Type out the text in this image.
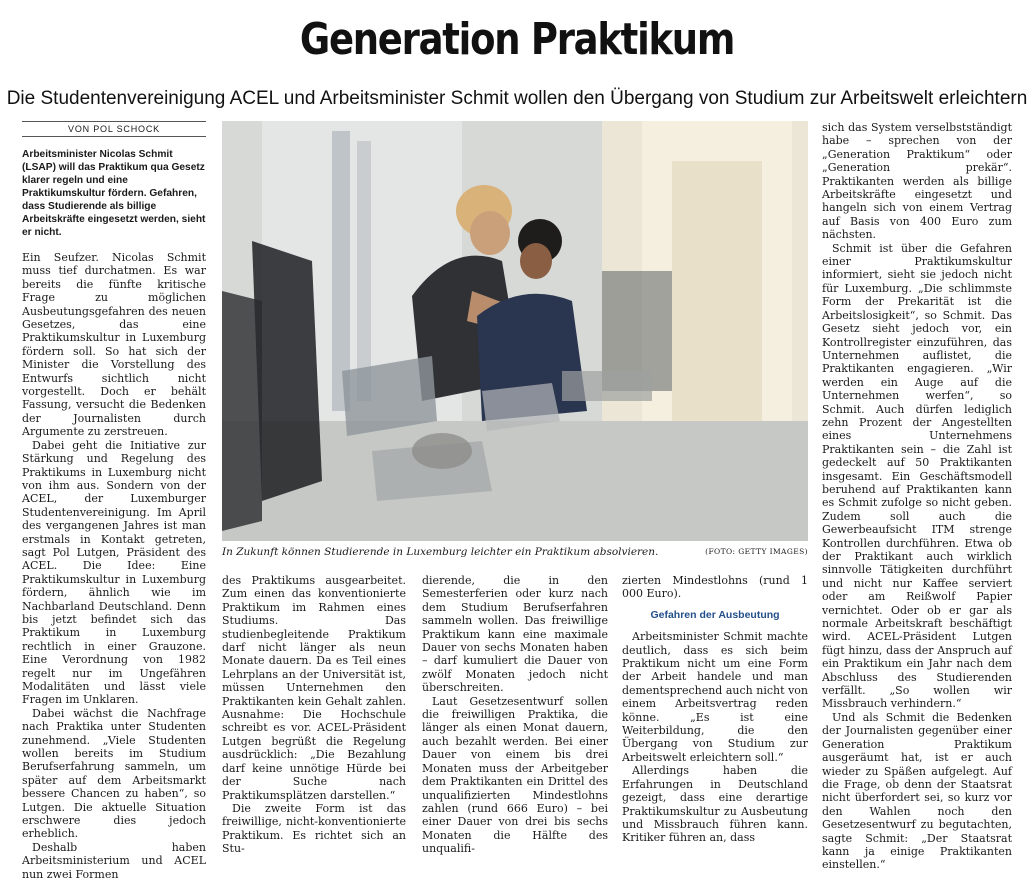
Generation Praktikum
Die Studentenvereinigung ACEL und Arbeitsminister Schmit wollen den Übergang von Studium zur Arbeitswelt erleichtern
VON POL SCHOCK

Arbeitsminister Nicolas Schmit (LSAP) will das Praktikum qua Gesetz klarer regeln und eine Praktikumskultur fördern. Gefahren, dass Studierende als billige Arbeitskräfte eingesetzt werden, sieht er nicht.

Ein Seufzer. Nicolas Schmit muss tief durchatmen. Es war bereits die fünfte kritische Frage zu möglichen Ausbeutungsgefahren des neuen Gesetzes, das eine Praktikumskultur in Luxemburg fördern soll. So hat sich der Minister die Vorstellung des Entwurfs sichtlich nicht vorgestellt. Doch er behält Fassung, versucht die Bedenken der Journalisten durch Argumente zu zerstreuen.

Dabei geht die Initiative zur Stärkung und Regelung des Praktikums in Luxemburg nicht von ihm aus. Sondern von der ACEL, der Luxemburger Studentenvereinigung. Im April des vergangenen Jahres ist man erstmals in Kontakt getreten, sagt Pol Lutgen, Präsident des ACEL. Die Idee: Eine Praktikumskultur in Luxemburg fördern, ähnlich wie im Nachbarland Deutschland. Denn bis jetzt befindet sich das Praktikum in Luxemburg rechtlich in einer Grauzone. Eine Verordnung von 1982 regelt nur im Ungefähren Modalitäten und lässt viele Fragen im Unklaren.

Dabei wächst die Nachfrage nach Praktika unter Studenten zunehmend. „Viele Studenten wollen bereits im Studium Berufserfahrung sammeln, um später auf dem Arbeitsmarkt bessere Chancen zu haben“, so Lutgen. Die aktuelle Situation erschwere dies jedoch erheblich.

Deshalb haben Arbeitsministerium und ACEL nun zwei Formen

In Zukunft können Studierende in Luxemburg leichter ein Praktikum absolvieren.	(FOTO: GETTY IMAGES)

des Praktikums ausgearbeitet. Zum einen das konventionierte Praktikum im Rahmen eines Studiums. Das studienbegleitende Praktikum darf nicht länger als neun Monate dauern. Da es Teil eines Lehrplans an der Universität ist, müssen Unternehmen den Praktikanten kein Gehalt zahlen. Ausnahme: Die Hochschule schreibt es vor. ACEL-Präsident Lutgen begrüßt die Regelung ausdrücklich: „Die Bezahlung darf keine unnötige Hürde bei der Suche nach Praktikumsplätzen darstellen.“

Die zweite Form ist das freiwillige, nicht-konventionierte Praktikum. Es richtet sich an Stu-

dierende, die in den Semesterferien oder kurz nach dem Studium Berufserfahren sammeln wollen. Das freiwillige Praktikum kann eine maximale Dauer von sechs Monaten haben – darf kumuliert die Dauer von zwölf Monaten jedoch nicht überschreiten.

Laut Gesetzesentwurf sollen die freiwilligen Praktika, die länger als einen Monat dauern, auch bezahlt werden. Bei einer Dauer von einem bis drei Monaten muss der Arbeitgeber dem Praktikanten ein Drittel des unqualifizierten Mindestlohns zahlen (rund 666 Euro) – bei einer Dauer von drei bis sechs Monaten die Hälfte des unqualifi-

zierten Mindestlohns (rund 1 000 Euro).

Gefahren der Ausbeutung

Arbeitsminister Schmit machte deutlich, dass es sich beim Praktikum nicht um eine Form der Arbeit handele und man dementsprechend auch nicht von einem Arbeitsvertrag reden könne. „Es ist eine Weiterbildung, die den Übergang von Studium zur Arbeitswelt erleichtern soll.“

Allerdings haben die Erfahrungen in Deutschland gezeigt, dass eine derartige Praktikumskultur zu Ausbeutung und Missbrauch führen kann. Kritiker führen an, dass

sich das System verselbstständigt habe – sprechen von der „Generation Praktikum“ oder „Generation prekär“. Praktikanten werden als billige Arbeitskräfte eingesetzt und hangeln sich von einem Vertrag auf Basis von 400 Euro zum nächsten.

Schmit ist über die Gefahren einer Praktikumskultur informiert, sieht sie jedoch nicht für Luxemburg. „Die schlimmste Form der Prekarität ist die Arbeitslosigkeit“, so Schmit. Das Gesetz sieht jedoch vor, ein Kontrollregister einzuführen, das Unternehmen auflistet, die Praktikanten engagieren. „Wir werden ein Auge auf die Unternehmen werfen“, so Schmit. Auch dürfen lediglich zehn Prozent der Angestellten eines Unternehmens Praktikanten sein – die Zahl ist gedeckelt auf 50 Praktikanten insgesamt. Ein Geschäftsmodell beruhend auf Praktikanten kann es Schmit zufolge so nicht geben. Zudem soll auch die Gewerbeaufsicht ITM strenge Kontrollen durchführen. Etwa ob der Praktikant auch wirklich sinnvolle Tätigkeiten durchführt und nicht nur Kaffee serviert oder am Reißwolf Papier vernichtet. Oder ob er gar als normale Arbeitskraft beschäftigt wird. ACEL-Präsident Lutgen fügt hinzu, dass der Anspruch auf ein Praktikum ein Jahr nach dem Abschluss des Studierenden verfällt. „So wollen wir Missbrauch verhindern.“

Und als Schmit die Bedenken der Journalisten gegenüber einer Generation Praktikum ausgeräumt hat, ist er auch wieder zu Späßen aufgelegt. Auf die Frage, ob denn der Staatsrat nicht überfordert sei, so kurz vor den Wahlen noch den Gesetzesentwurf zu begutachten, sagte Schmit: „Der Staatsrat kann ja einige Praktikanten einstellen.“
